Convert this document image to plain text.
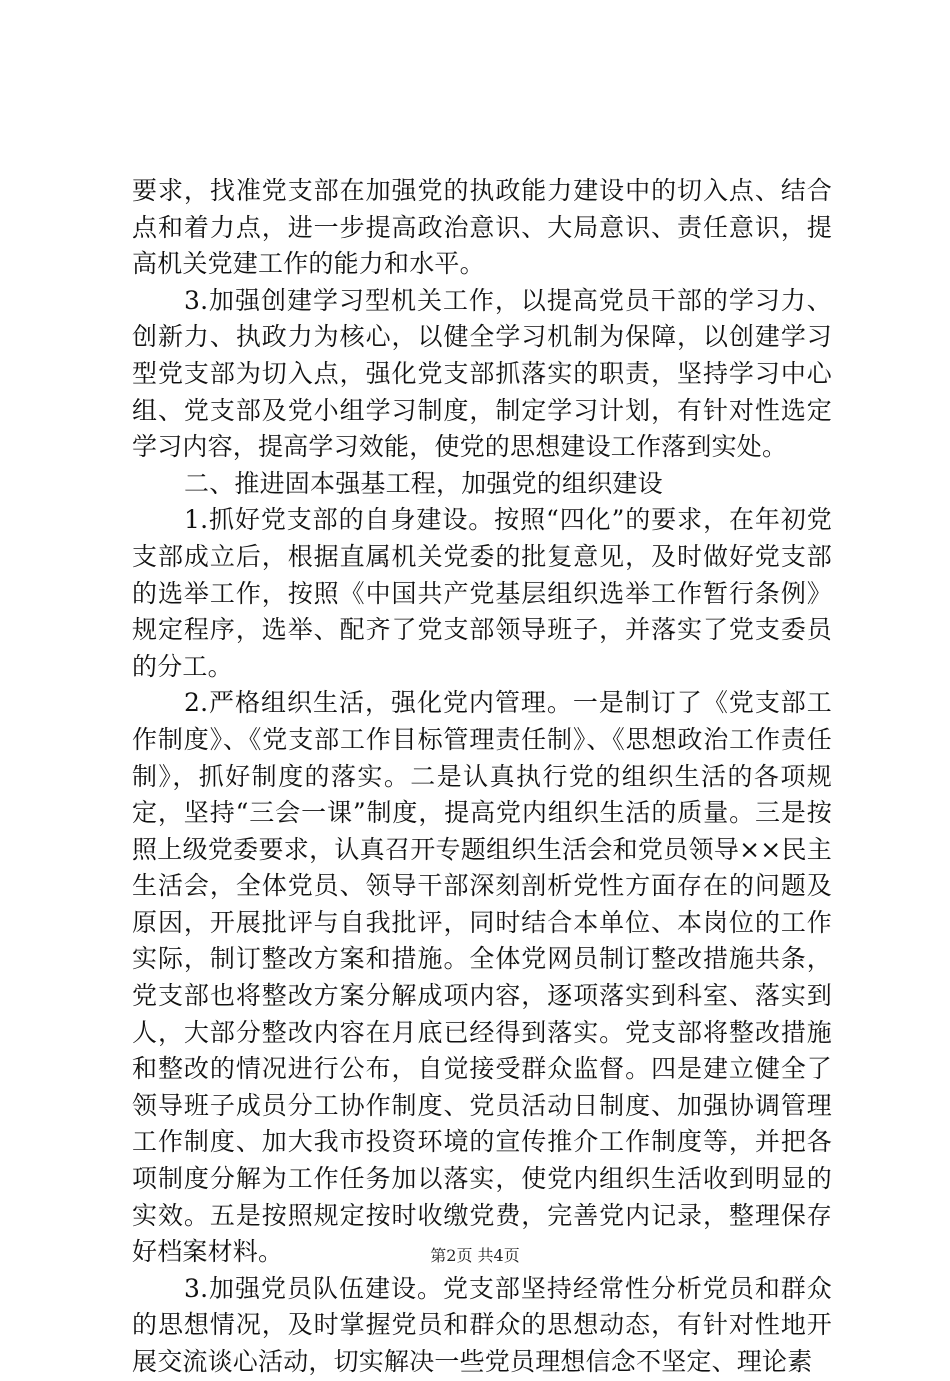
要求，找准党支部在加强党的执政能力建设中的切入点、结合点和着力点，进一步提高政治意识、大局意识、责任意识，提高机关党建工作的能力和水平。

3.加强创建学习型机关工作，以提高党员干部的学习力、创新力、执政力为核心，以健全学习机制为保障，以创建学习型党支部为切入点，强化党支部抓落实的职责，坚持学习中心组、党支部及党小组学习制度，制定学习计划，有针对性选定学习内容，提高学习效能，使党的思想建设工作落到实处。

二、推进固本强基工程，加强党的组织建设

1.抓好党支部的自身建设。按照“四化”的要求，在年初党支部成立后，根据直属机关党委的批复意见，及时做好党支部的选举工作，按照《中国共产党基层组织选举工作暂行条例》规定程序，选举、配齐了党支部领导班子，并落实了党支委员的分工。

2.严格组织生活，强化党内管理。一是制订了《党支部工作制度》、《党支部工作目标管理责任制》、《思想政治工作责任制》，抓好制度的落实。二是认真执行党的组织生活的各项规定，坚持“三会一课”制度，提高党内组织生活的质量。三是按照上级党委要求，认真召开专题组织生活会和党员领导××民主生活会，全体党员、领导干部深刻剖析党性方面存在的问题及原因，开展批评与自我批评，同时结合本单位、本岗位的工作实际，制订整改方案和措施。全体党网员制订整改措施共条，党支部也将整改方案分解成项内容，逐项落实到科室、落实到人，大部分整改内容在月底已经得到落实。党支部将整改措施和整改的情况进行公布，自觉接受群众监督。四是建立健全了领导班子成员分工协作制度、党员活动日制度、加强协调管理工作制度、加大我市投资环境的宣传推介工作制度等，并把各项制度分解为工作任务加以落实，使党内组织生活收到明显的实效。五是按照规定按时收缴党费，完善党内记录，整理保存好档案材料。

3.加强党员队伍建设。党支部坚持经常性分析党员和群众的思想情况，及时掌握党员和群众的思想动态，有针对性地开展交流谈心活动，切实解决一些党员理想信念不坚定、理论素

第2页 共4页
